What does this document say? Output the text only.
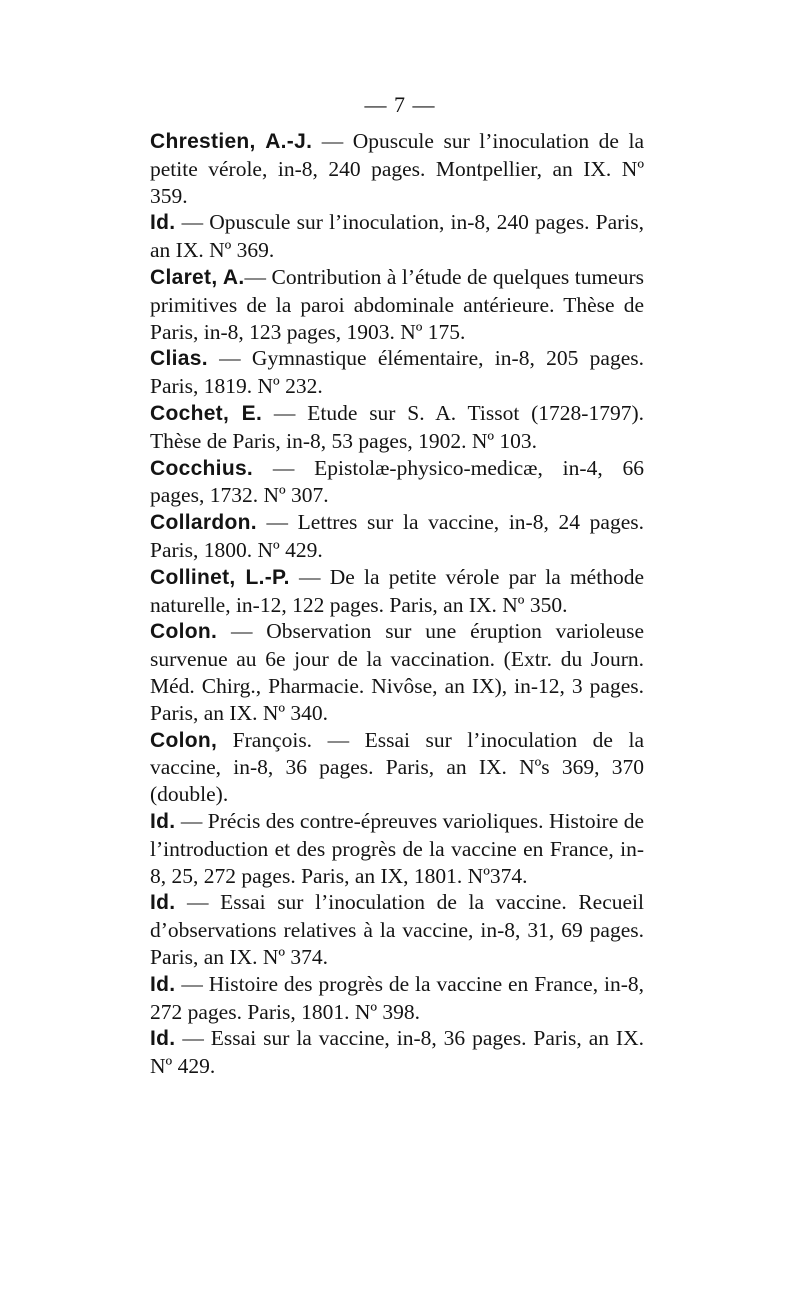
— 7 —

Chrestien, A.-J. — Opuscule sur l’inoculation de la petite vérole, in-8, 240 pages. Montpellier, an IX. Nº 359.

Id. — Opuscule sur l’inoculation, in-8, 240 pages. Paris, an IX. Nº 369.

Claret, A.— Contribution à l’étude de quelques tumeurs primitives de la paroi abdominale antérieure. Thèse de Paris, in-8, 123 pages, 1903. Nº 175.

Clias. — Gymnastique élémentaire, in-8, 205 pages. Paris, 1819. Nº 232.

Cochet, E. — Etude sur S. A. Tissot (1728-1797). Thèse de Paris, in-8, 53 pages, 1902. Nº 103.

Cocchius. — Epistolæ-physico-medicæ, in-4, 66 pages, 1732. Nº 307.

Collardon. — Lettres sur la vaccine, in-8, 24 pages. Paris, 1800. Nº 429.

Collinet, L.-P. — De la petite vérole par la méthode naturelle, in-12, 122 pages. Paris, an IX. Nº 350.

Colon. — Observation sur une éruption varioleuse survenue au 6e jour de la vaccination. (Extr. du Journ. Méd. Chirg., Pharmacie. Nivôse, an IX), in-12, 3 pages. Paris, an IX. Nº 340.

Colon, François. — Essai sur l’inoculation de la vaccine, in-8, 36 pages. Paris, an IX. Nºs 369, 370 (double).

Id. — Précis des contre-épreuves varioliques. Histoire de l’introduction et des progrès de la vaccine en France, in-8, 25, 272 pages. Paris, an IX, 1801. Nº374.

Id. — Essai sur l’inoculation de la vaccine. Recueil d’observations relatives à la vaccine, in-8, 31, 69 pages. Paris, an IX. Nº 374.

Id. — Histoire des progrès de la vaccine en France, in-8, 272 pages. Paris, 1801. Nº 398.

Id. — Essai sur la vaccine, in-8, 36 pages. Paris, an IX. Nº 429.
